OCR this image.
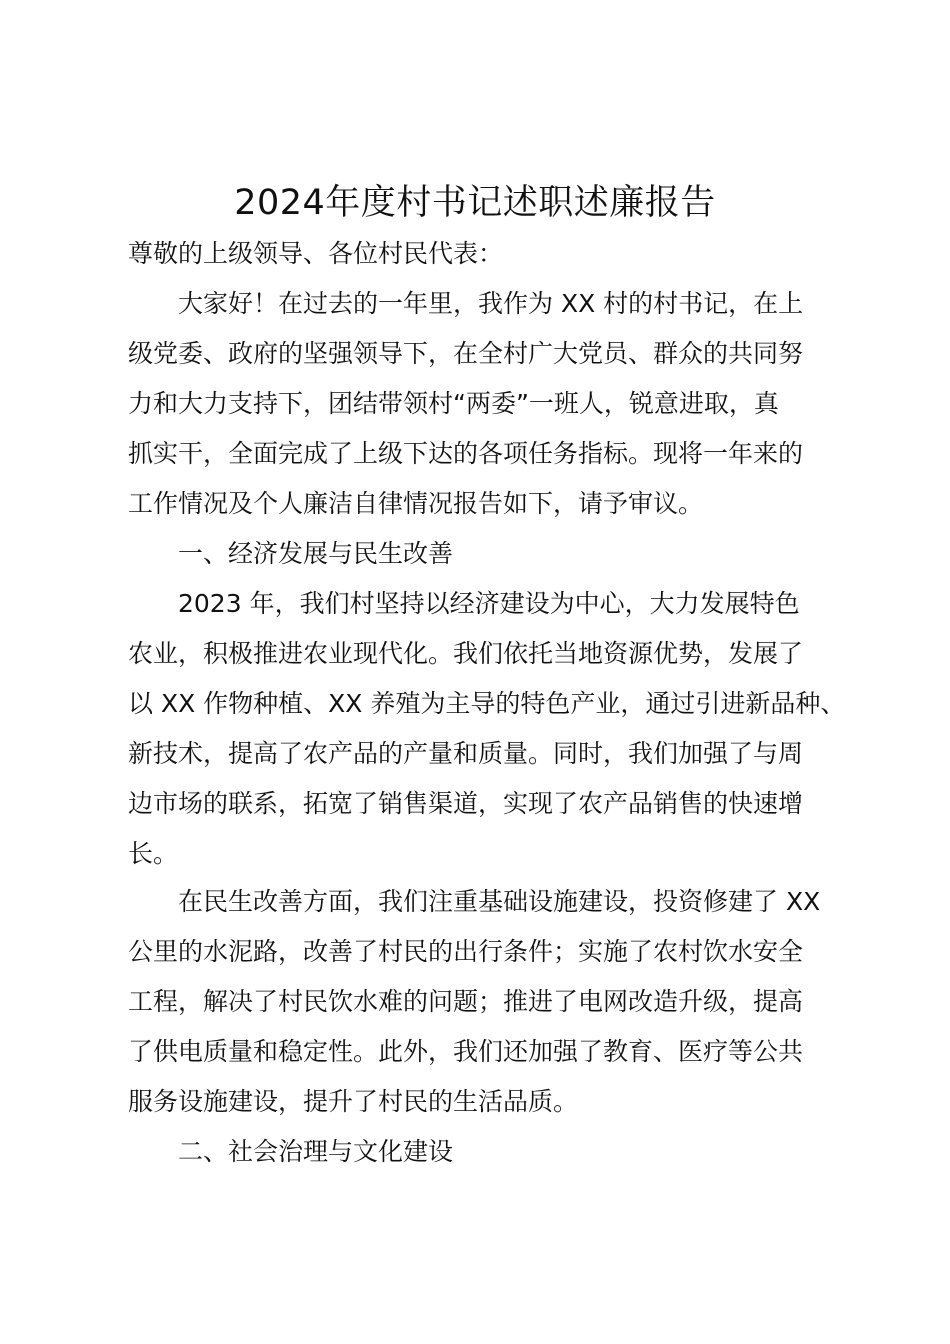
2024年度村书记述职述廉报告
尊敬的上级领导、各位村民代表：
大家好！在过去的一年里，我作为 XX 村的村书记，在上
级党委、政府的坚强领导下，在全村广大党员、群众的共同努
力和大力支持下，团结带领村“两委”一班人，锐意进取，真
抓实干，全面完成了上级下达的各项任务指标。现将一年来的
工作情况及个人廉洁自律情况报告如下，请予审议。
一、经济发展与民生改善
2023 年，我们村坚持以经济建设为中心，大力发展特色
农业，积极推进农业现代化。我们依托当地资源优势，发展了
以 XX 作物种植、XX 养殖为主导的特色产业，通过引进新品种、
新技术，提高了农产品的产量和质量。同时，我们加强了与周
边市场的联系，拓宽了销售渠道，实现了农产品销售的快速增
长。
在民生改善方面，我们注重基础设施建设，投资修建了 XX
公里的水泥路，改善了村民的出行条件；实施了农村饮水安全
工程，解决了村民饮水难的问题；推进了电网改造升级，提高
了供电质量和稳定性。此外，我们还加强了教育、医疗等公共
服务设施建设，提升了村民的生活品质。
二、社会治理与文化建设
